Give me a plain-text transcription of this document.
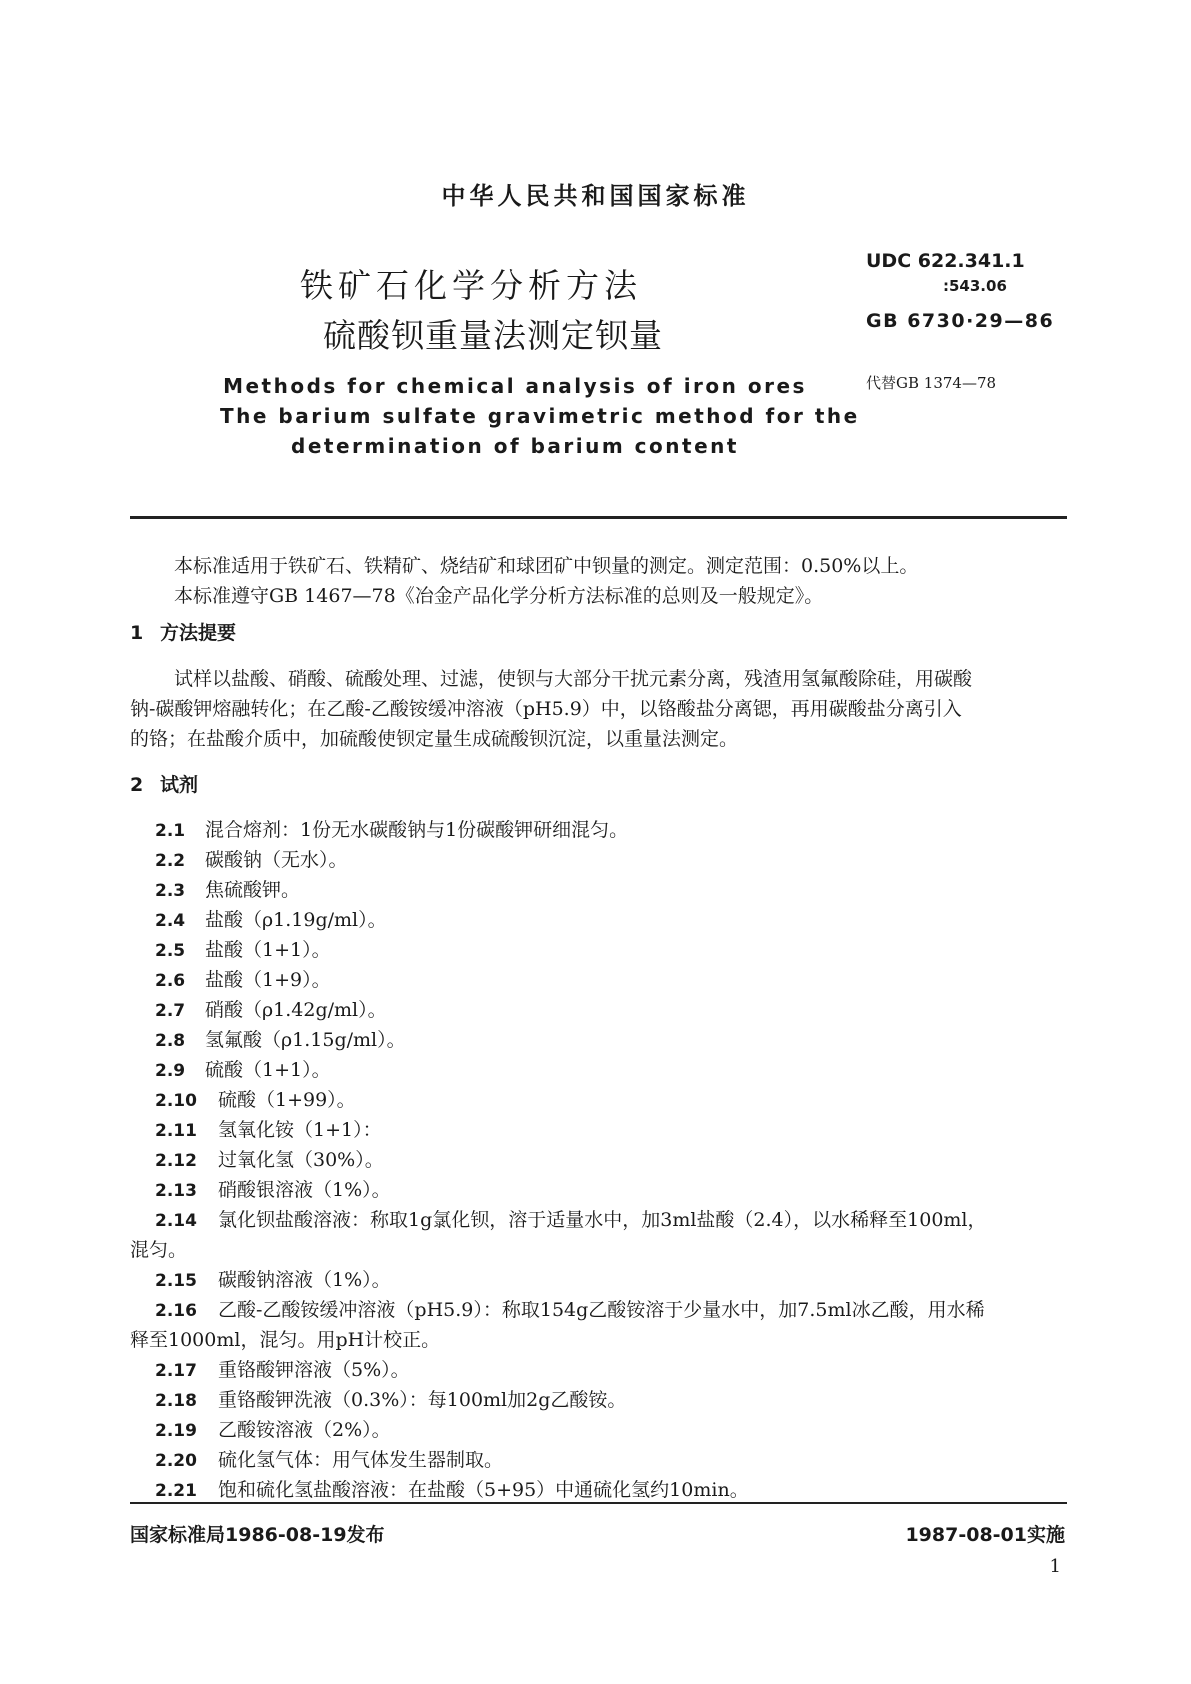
中华人民共和国国家标准
铁矿石化学分析方法
硫酸钡重量法测定钡量
UDC 622.341.1
:543.06
GB 6730·29—86
代替GB 1374—78
Methods for chemical analysis of iron ores
The barium sulfate gravimetric method for the
determination of barium content
本标准适用于铁矿石、铁精矿、烧结矿和球团矿中钡量的测定。测定范围：0.50%以上。
本标准遵守GB 1467—78《冶金产品化学分析方法标准的总则及一般规定》。
1 方法提要
试样以盐酸、硝酸、硫酸处理、过滤，使钡与大部分干扰元素分离，残渣用氢氟酸除硅，用碳酸
钠-碳酸钾熔融转化；在乙酸-乙酸铵缓冲溶液（pH5.9）中，以铬酸盐分离锶，再用碳酸盐分离引入
的铬；在盐酸介质中，加硫酸使钡定量生成硫酸钡沉淀，以重量法测定。
2 试剂
2.1 混合熔剂：1份无水碳酸钠与1份碳酸钾研细混匀。
2.2 碳酸钠（无水）。
2.3 焦硫酸钾。
2.4 盐酸（ρ1.19g/ml）。
2.5 盐酸（1+1）。
2.6 盐酸（1+9）。
2.7 硝酸（ρ1.42g/ml）。
2.8 氢氟酸（ρ1.15g/ml）。
2.9 硫酸（1+1）。
2.10 硫酸（1+99）。
2.11 氢氧化铵（1+1）：
2.12 过氧化氢（30%）。
2.13 硝酸银溶液（1%）。
2.14 氯化钡盐酸溶液：称取1g氯化钡，溶于适量水中，加3ml盐酸（2.4），以水稀释至100ml，
混匀。
2.15 碳酸钠溶液（1%）。
2.16 乙酸-乙酸铵缓冲溶液（pH5.9）：称取154g乙酸铵溶于少量水中，加7.5ml冰乙酸，用水稀
释至1000ml，混匀。用pH计校正。
2.17 重铬酸钾溶液（5%）。
2.18 重铬酸钾洗液（0.3%）：每100ml加2g乙酸铵。
2.19 乙酸铵溶液（2%）。
2.20 硫化氢气体：用气体发生器制取。
2.21 饱和硫化氢盐酸溶液：在盐酸（5+95）中通硫化氢约10min。
国家标准局1986-08-19发布	1987-08-01实施
1
